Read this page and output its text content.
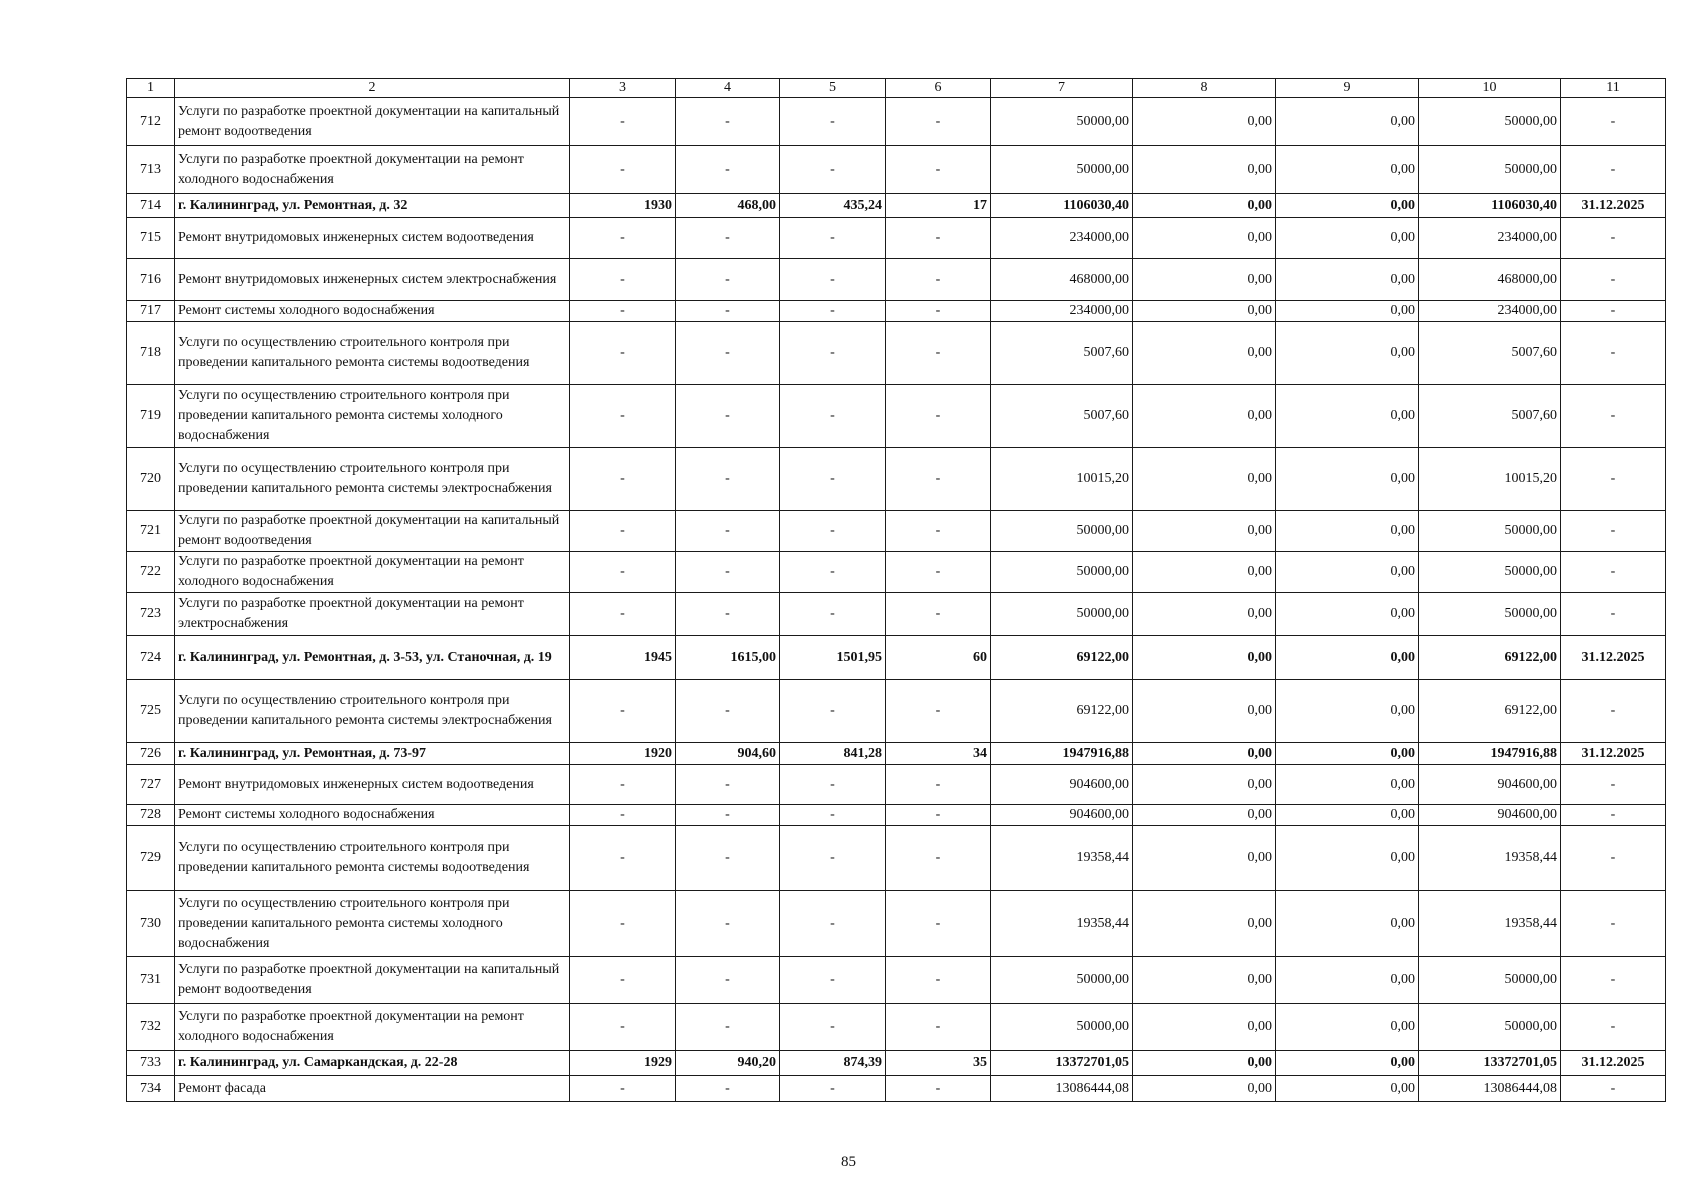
1	2	3	4	5	6	7	8	9	10	11
712	Услуги по разработке проектной документации на капитальный ремонт водоотведения	-	-	-	-	50000,00	0,00	0,00	50000,00	-
713	Услуги по разработке проектной документации на ремонт холодного водоснабжения	-	-	-	-	50000,00	0,00	0,00	50000,00	-
714	г. Калининград, ул. Ремонтная, д. 32	1930	468,00	435,24	17	1106030,40	0,00	0,00	1106030,40	31.12.2025
715	Ремонт внутридомовых инженерных систем водоотведения	-	-	-	-	234000,00	0,00	0,00	234000,00	-
716	Ремонт внутридомовых инженерных систем электроснабжения	-	-	-	-	468000,00	0,00	0,00	468000,00	-
717	Ремонт системы холодного водоснабжения	-	-	-	-	234000,00	0,00	0,00	234000,00	-
718	Услуги по осуществлению строительного контроля при проведении капитального ремонта системы водоотведения	-	-	-	-	5007,60	0,00	0,00	5007,60	-
719	Услуги по осуществлению строительного контроля при проведении капитального ремонта системы холодного водоснабжения	-	-	-	-	5007,60	0,00	0,00	5007,60	-
720	Услуги по осуществлению строительного контроля при проведении капитального ремонта системы электроснабжения	-	-	-	-	10015,20	0,00	0,00	10015,20	-
721	Услуги по разработке проектной документации на капитальный ремонт водоотведения	-	-	-	-	50000,00	0,00	0,00	50000,00	-
722	Услуги по разработке проектной документации на ремонт холодного водоснабжения	-	-	-	-	50000,00	0,00	0,00	50000,00	-
723	Услуги по разработке проектной документации на ремонт электроснабжения	-	-	-	-	50000,00	0,00	0,00	50000,00	-
724	г. Калининград, ул. Ремонтная, д. 3-53, ул. Станочная, д. 19	1945	1615,00	1501,95	60	69122,00	0,00	0,00	69122,00	31.12.2025
725	Услуги по осуществлению строительного контроля при проведении капитального ремонта системы электроснабжения	-	-	-	-	69122,00	0,00	0,00	69122,00	-
726	г. Калининград, ул. Ремонтная, д. 73-97	1920	904,60	841,28	34	1947916,88	0,00	0,00	1947916,88	31.12.2025
727	Ремонт внутридомовых инженерных систем водоотведения	-	-	-	-	904600,00	0,00	0,00	904600,00	-
728	Ремонт системы холодного водоснабжения	-	-	-	-	904600,00	0,00	0,00	904600,00	-
729	Услуги по осуществлению строительного контроля при проведении капитального ремонта системы водоотведения	-	-	-	-	19358,44	0,00	0,00	19358,44	-
730	Услуги по осуществлению строительного контроля при проведении капитального ремонта системы холодного водоснабжения	-	-	-	-	19358,44	0,00	0,00	19358,44	-
731	Услуги по разработке проектной документации на капитальный ремонт водоотведения	-	-	-	-	50000,00	0,00	0,00	50000,00	-
732	Услуги по разработке проектной документации на ремонт холодного водоснабжения	-	-	-	-	50000,00	0,00	0,00	50000,00	-
733	г. Калининград, ул. Самаркандская, д. 22-28	1929	940,20	874,39	35	13372701,05	0,00	0,00	13372701,05	31.12.2025
734	Ремонт фасада	-	-	-	-	13086444,08	0,00	0,00	13086444,08	-
85
